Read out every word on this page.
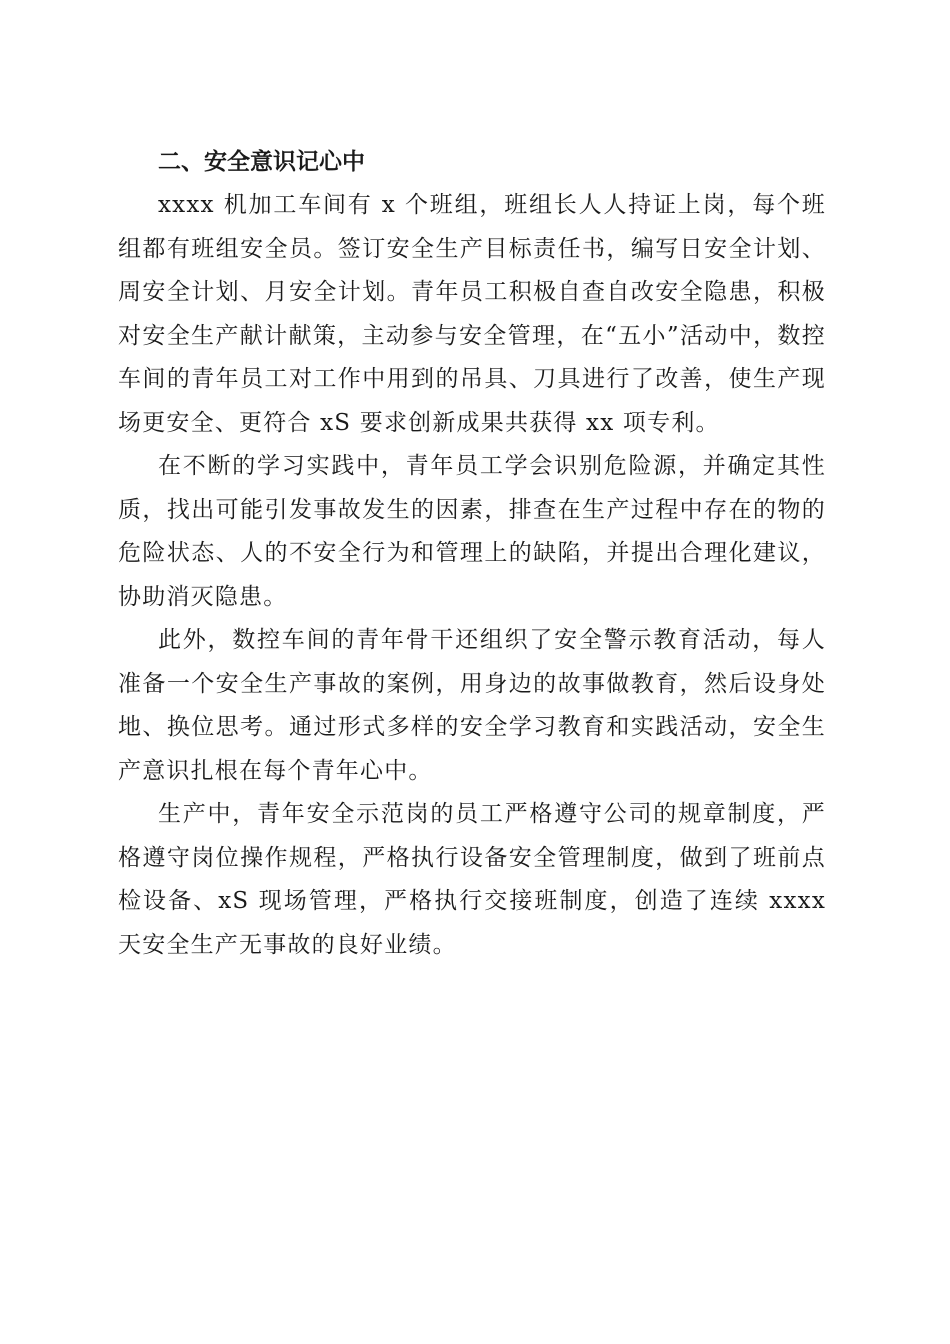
二、安全意识记心中

xxxx 机加工车间有 x 个班组，班组长人人持证上岗，每个班组都有班组安全员。签订安全生产目标责任书，编写日安全计划、周安全计划、月安全计划。青年员工积极自查自改安全隐患，积极对安全生产献计献策，主动参与安全管理，在“五小”活动中，数控车间的青年员工对工作中用到的吊具、刀具进行了改善，使生产现场更安全、更符合 xS 要求创新成果共获得 xx 项专利。

在不断的学习实践中，青年员工学会识别危险源，并确定其性质，找出可能引发事故发生的因素，排查在生产过程中存在的物的危险状态、人的不安全行为和管理上的缺陷，并提出合理化建议，协助消灭隐患。

此外，数控车间的青年骨干还组织了安全警示教育活动，每人准备一个安全生产事故的案例，用身边的故事做教育，然后设身处地、换位思考。通过形式多样的安全学习教育和实践活动，安全生产意识扎根在每个青年心中。

生产中，青年安全示范岗的员工严格遵守公司的规章制度，严格遵守岗位操作规程，严格执行设备安全管理制度，做到了班前点检设备、xS 现场管理，严格执行交接班制度，创造了连续 xxxx 天安全生产无事故的良好业绩。
